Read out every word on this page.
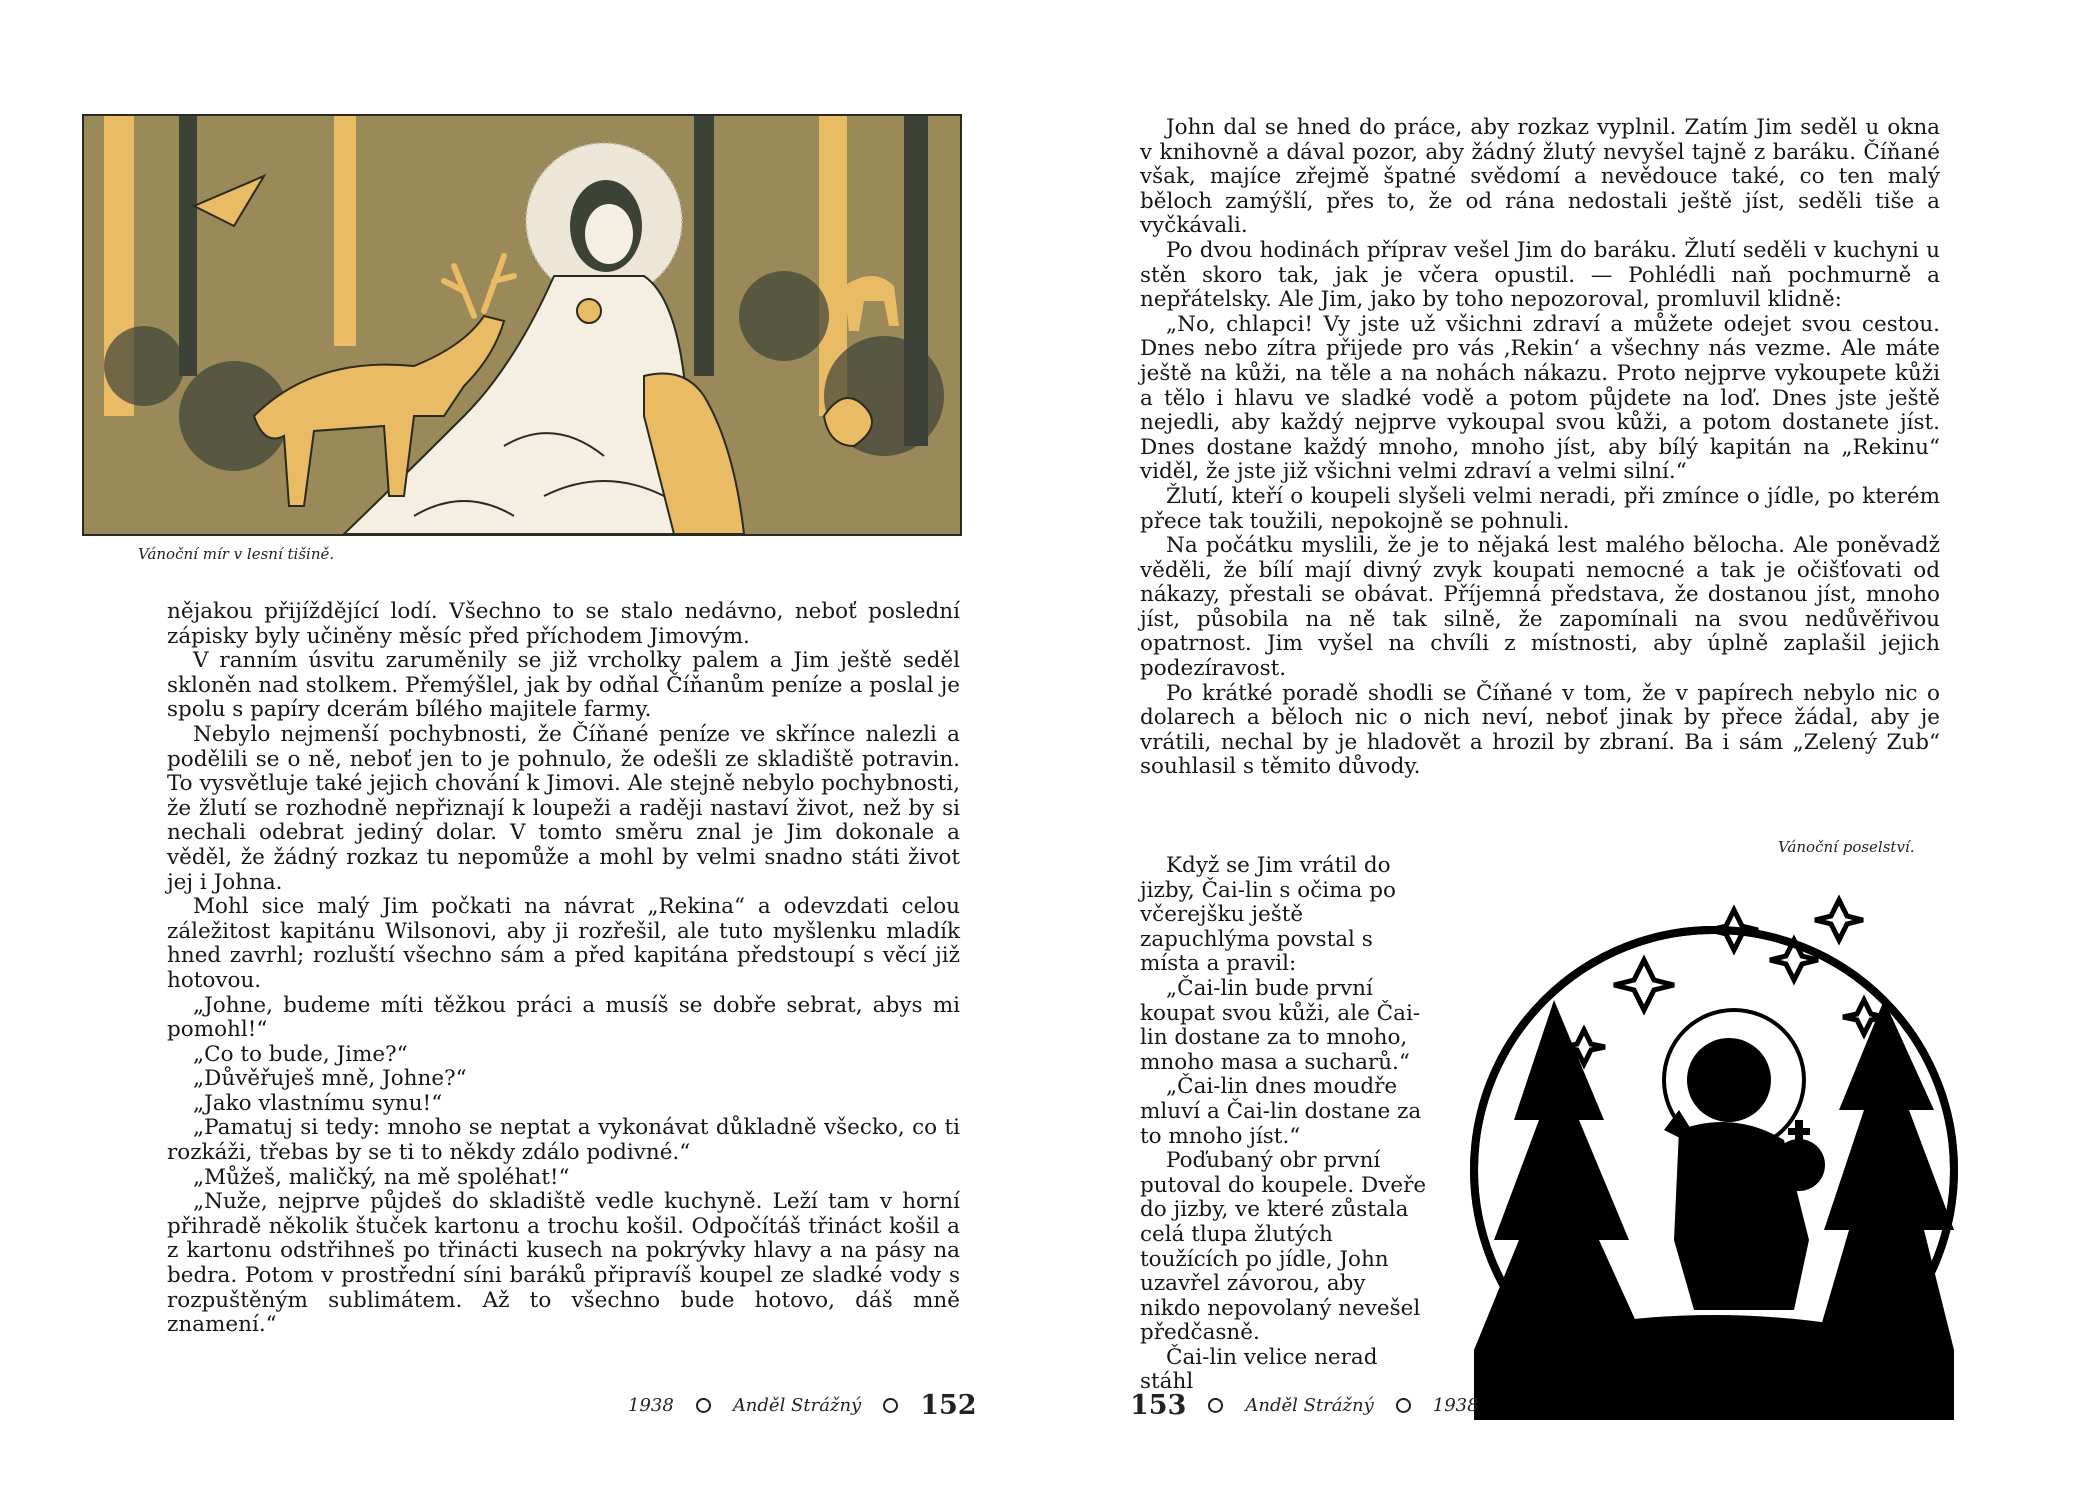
Vánoční mír v lesní tišině.

nějakou přijíždějící lodí. Všechno to se stalo nedávno, neboť poslední zápisky byly učiněny měsíc před příchodem Jimovým.

V ranním úsvitu zaruměnily se již vrcholky palem a Jim ještě seděl skloněn nad stolkem. Přemýšlel, jak by odňal Číňanům peníze a poslal je spolu s papíry dcerám bílého majitele farmy.

Nebylo nejmenší pochybnosti, že Číňané peníze ve skřínce nalezli a podělili se o ně, neboť jen to je pohnulo, že odešli ze skladiště potravin. To vysvětluje také jejich chování k Jimovi. Ale stejně nebylo pochybnosti, že žlutí se rozhodně nepřiznají k loupeži a raději nastaví život, než by si nechali odebrat jediný dolar. V tomto směru znal je Jim dokonale a věděl, že žádný rozkaz tu nepomůže a mohl by velmi snadno státi život jej i Johna.

Mohl sice malý Jim počkati na návrat „Rekina“ a odevzdati celou záležitost kapitánu Wilsonovi, aby ji rozřešil, ale tuto myšlenku mladík hned zavrhl; rozluští všechno sám a před kapitána předstoupí s věcí již hotovou.

„Johne, budeme míti těžkou práci a musíš se dobře sebrat, abys mi pomohl!“

„Co to bude, Jime?“

„Důvěřuješ mně, Johne?“

„Jako vlastnímu synu!“

„Pamatuj si tedy: mnoho se neptat a vykonávat důkladně všecko, co ti rozkáži, třebas by se ti to někdy zdálo podivné.“

„Můžeš, maličký, na mě spoléhat!“

„Nuže, nejprve půjdeš do skladiště vedle kuchyně. Leží tam v horní přihradě několik štuček kartonu a trochu košil. Odpočítáš třináct košil a z kartonu odstřihneš po třinácti kusech na pokrývky hlavy a na pásy na bedra. Potom v prostřední síni baráků připravíš koupel ze sladké vody s rozpuštěným sublimátem. Až to všechno bude hotovo, dáš mně znamení.“

1938	Anděl Strážný 152

John dal se hned do práce, aby rozkaz vyplnil. Zatím Jim seděl u okna v knihovně a dával pozor, aby žádný žlutý nevyšel tajně z baráku. Číňané však, majíce zřejmě špatné svědomí a nevědouce také, co ten malý běloch zamýšlí, přes to, že od rána nedostali ještě jíst, seděli tiše a vyčkávali.

Po dvou hodinách příprav vešel Jim do baráku. Žlutí seděli v kuchyni u stěn skoro tak, jak je včera opustil. — Pohlédli naň pochmurně a nepřátelsky. Ale Jim, jako by toho nepozoroval, promluvil klidně:

„No, chlapci! Vy jste už všichni zdraví a můžete odejet svou cestou. Dnes nebo zítra přijede pro vás ‚Rekin‘ a všechny nás vezme. Ale máte ještě na kůži, na těle a na nohách nákazu. Proto nejprve vykoupete kůži a tělo i hlavu ve sladké vodě a potom půjdete na loď. Dnes jste ještě nejedli, aby každý nejprve vykoupal svou kůži, a potom dostanete jíst. Dnes dostane každý mnoho, mnoho jíst, aby bílý kapitán na „Rekinu“ viděl, že jste již všichni velmi zdraví a velmi silní.“

Žlutí, kteří o koupeli slyšeli velmi neradi, při zmínce o jídle, po kterém přece tak toužili, nepokojně se pohnuli.

Na počátku myslili, že je to nějaká lest malého bělocha. Ale poněvadž věděli, že bílí mají divný zvyk koupati nemocné a tak je očišťovati od nákazy, přestali se obávat. Příjemná představa, že dostanou jíst, mnoho jíst, působila na ně tak silně, že zapomínali na svou nedůvěřivou opatrnost. Jim vyšel na chvíli z místnosti, aby úplně zaplašil jejich podezíravost.

Po krátké poradě shodli se Číňané v tom, že v papírech nebylo nic o dolarech a běloch nic o nich neví, neboť jinak by přece žádal, aby je vrátili, nechal by je hladovět a hrozil by zbraní. Ba i sám „Zelený Zub“ souhlasil s těmito důvody.

Vánoční poselství.

Když se Jim vrátil do jizby, Čai-lin s očima po včerejšku ještě zapuchlýma povstal s místa a pravil:

„Čai-lin bude první koupat svou kůži, ale Čai-lin dostane za to mnoho, mnoho masa a sucharů.“

„Čai-lin dnes moudře mluví a Čai-lin dostane za to mnoho jíst.“

Poďubaný obr první putoval do koupele. Dveře do jizby, ve které zůstala celá tlupa žlutých toužících po jídle, John uzavřel závorou, aby nikdo nepovolaný nevešel předčasně.

Čai-lin velice nerad stáhl

153	Anděl Strážný	1938
